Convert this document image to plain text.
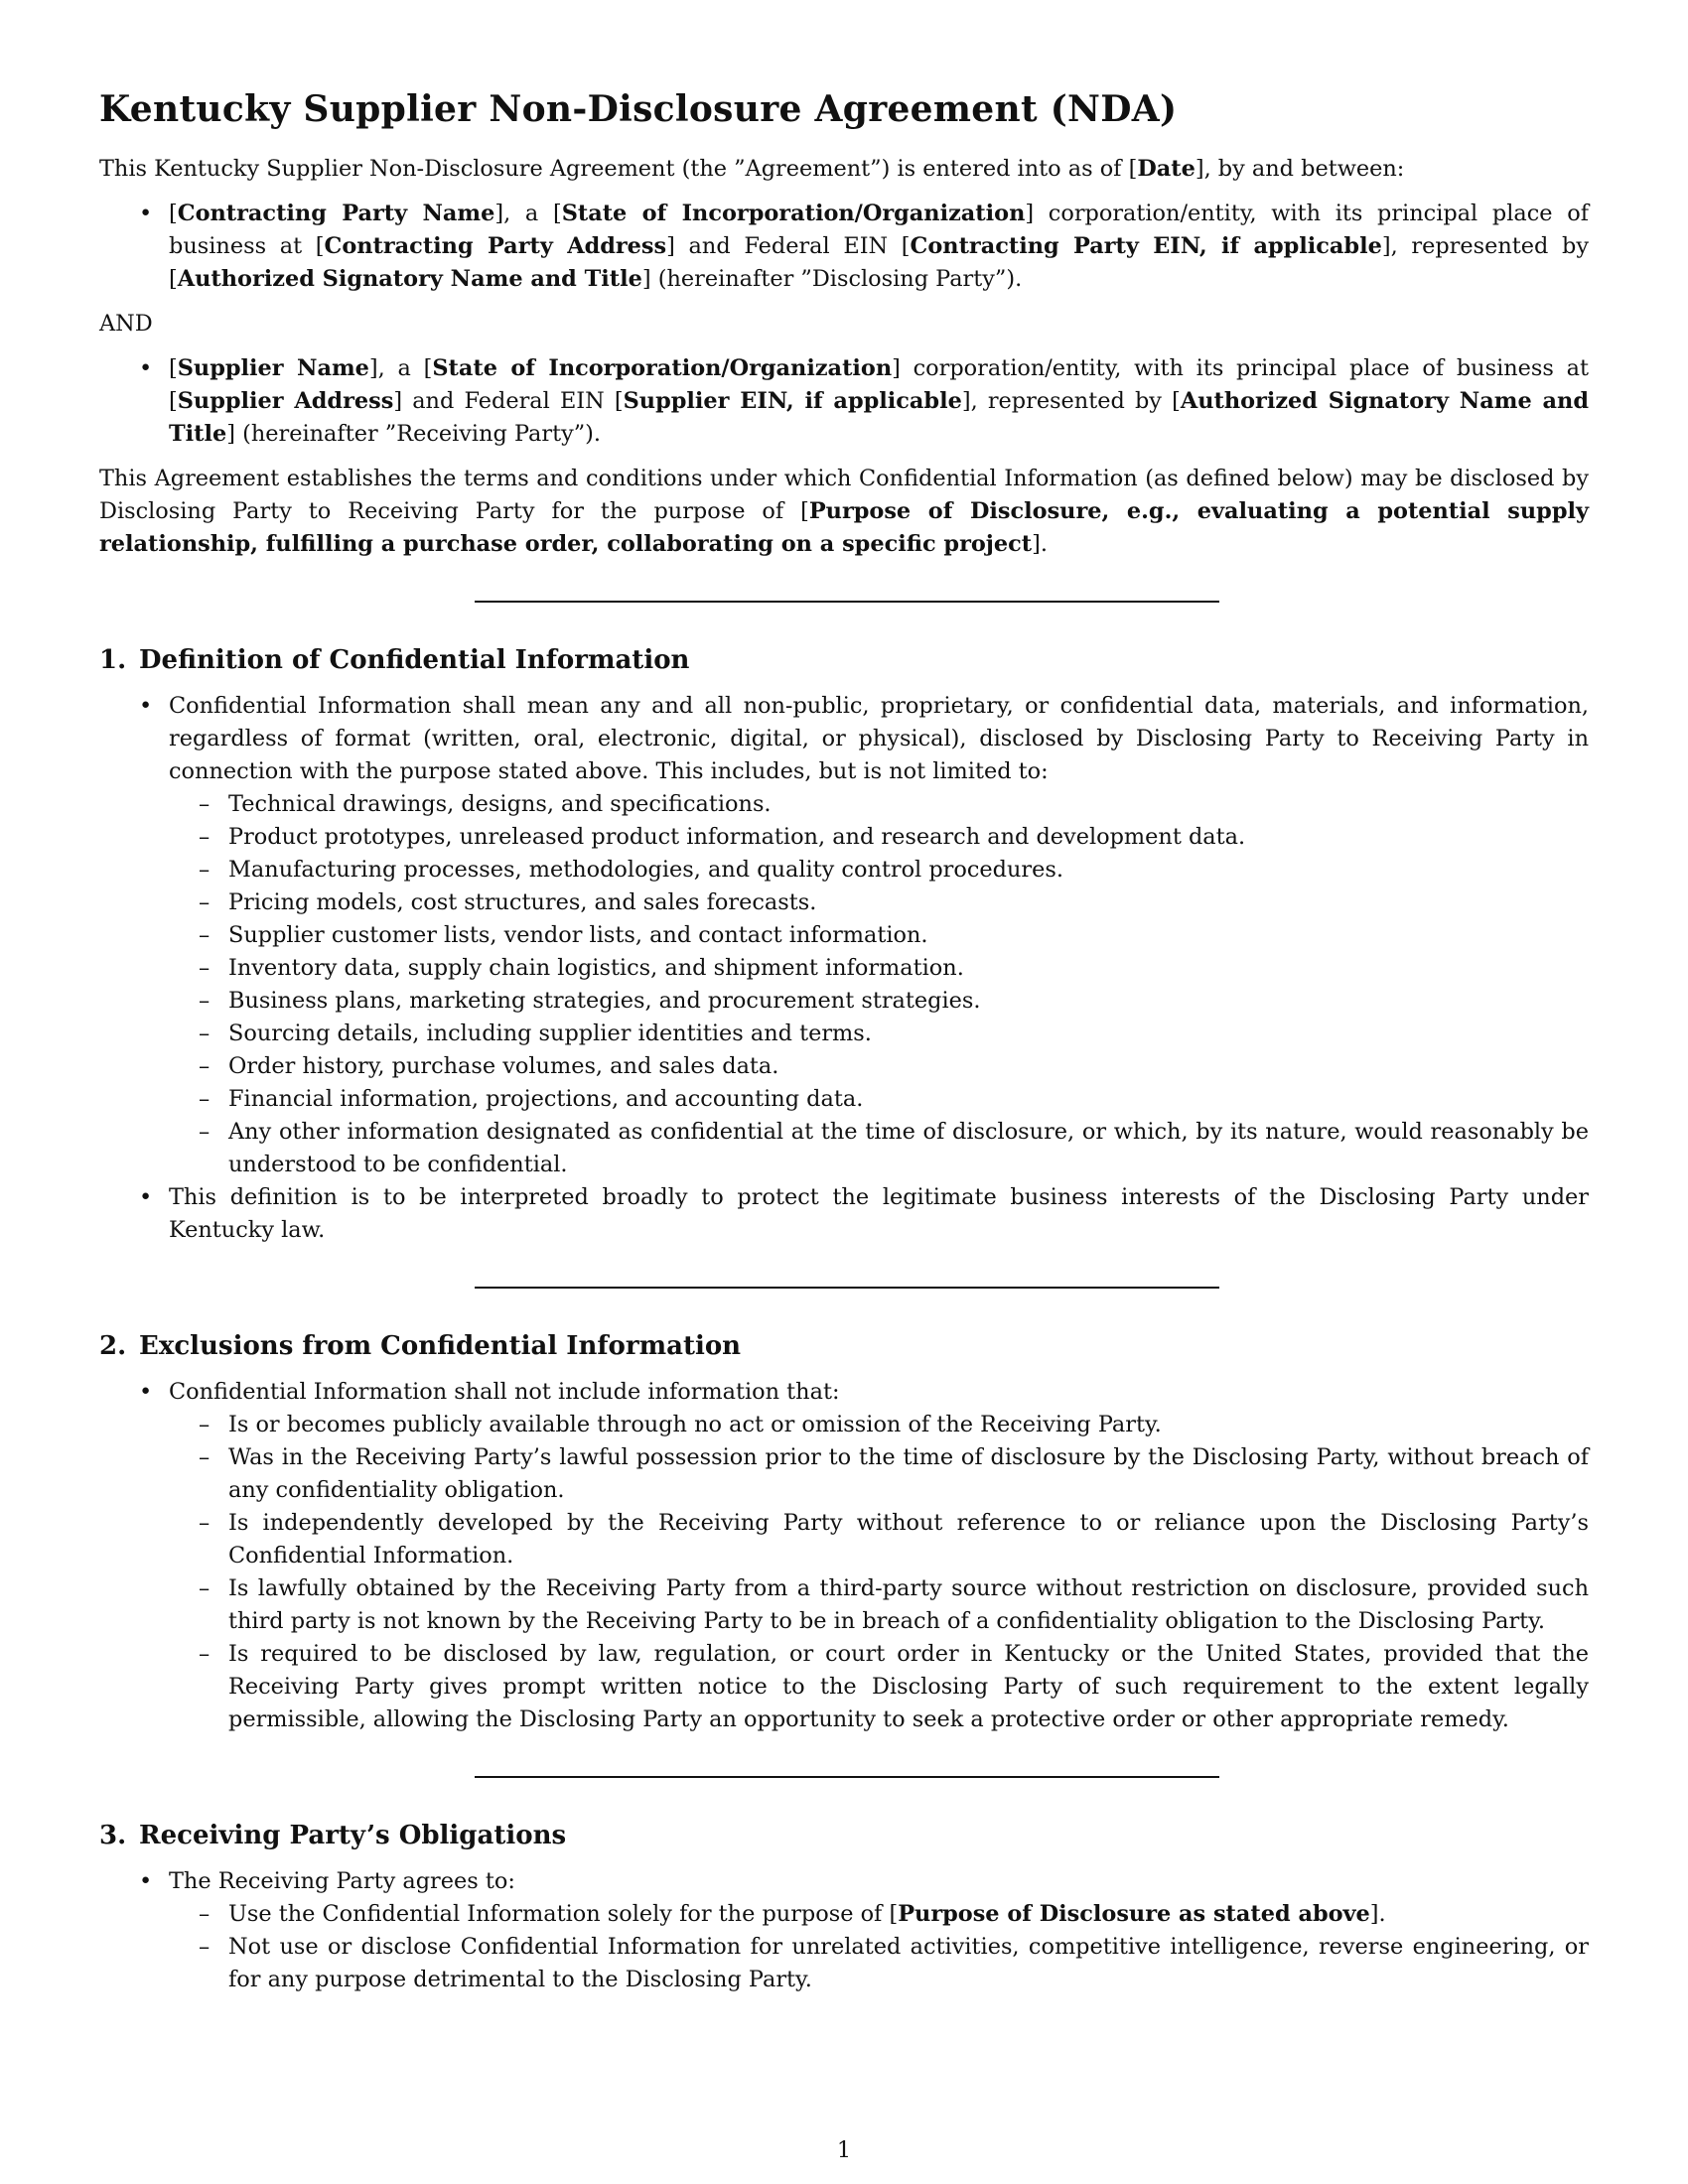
Kentucky Supplier Non-Disclosure Agreement (NDA)

This Kentucky Supplier Non-Disclosure Agreement (the ”Agreement”) is entered into as of [Date], by and between:

• [Contracting Party Name], a [State of Incorporation/Organization] corporation/entity, with its principal place of business at [Contracting Party Address] and Federal EIN [Contracting Party EIN, if applicable], represented by [Authorized Signatory Name and Title] (hereinafter ”Disclosing Party”).

AND

• [Supplier Name], a [State of Incorporation/Organization] corporation/entity, with its principal place of business at [Supplier Address] and Federal EIN [Supplier EIN, if applicable], represented by [Authorized Signatory Name and Title] (hereinafter ”Receiving Party”).

This Agreement establishes the terms and conditions under which Confidential Information (as defined below) may be disclosed by Disclosing Party to Receiving Party for the purpose of [Purpose of Disclosure, e.g., evaluating a potential supply relationship, fulfilling a purchase order, collaborating on a specific project].

1. Definition of Confidential Information
• Confidential Information shall mean any and all non-public, proprietary, or confidential data, materials, and information, regardless of format (written, oral, electronic, digital, or physical), disclosed by Disclosing Party to Receiving Party in connection with the purpose stated above. This includes, but is not limited to:
– Technical drawings, designs, and specifications.
– Product prototypes, unreleased product information, and research and development data.
– Manufacturing processes, methodologies, and quality control procedures.
– Pricing models, cost structures, and sales forecasts.
– Supplier customer lists, vendor lists, and contact information.
– Inventory data, supply chain logistics, and shipment information.
– Business plans, marketing strategies, and procurement strategies.
– Sourcing details, including supplier identities and terms.
– Order history, purchase volumes, and sales data.
– Financial information, projections, and accounting data.
– Any other information designated as confidential at the time of disclosure, or which, by its nature, would reasonably be understood to be confidential.
• This definition is to be interpreted broadly to protect the legitimate business interests of the Disclosing Party under Kentucky law.
2. Exclusions from Confidential Information
• Confidential Information shall not include information that:
– Is or becomes publicly available through no act or omission of the Receiving Party.
– Was in the Receiving Party’s lawful possession prior to the time of disclosure by the Disclosing Party, without breach of any confidentiality obligation.
– Is independently developed by the Receiving Party without reference to or reliance upon the Disclosing Party’s Confidential Information.
– Is lawfully obtained by the Receiving Party from a third-party source without restriction on disclosure, provided such third party is not known by the Receiving Party to be in breach of a confidentiality obligation to the Disclosing Party.
– Is required to be disclosed by law, regulation, or court order in Kentucky or the United States, provided that the Receiving Party gives prompt written notice to the Disclosing Party of such requirement to the extent legally permissible, allowing the Disclosing Party an opportunity to seek a protective order or other appropriate remedy.
3. Receiving Party’s Obligations
• The Receiving Party agrees to:
– Use the Confidential Information solely for the purpose of [Purpose of Disclosure as stated above].
– Not use or disclose Confidential Information for unrelated activities, competitive intelligence, reverse engineering, or for any purpose detrimental to the Disclosing Party.
1
